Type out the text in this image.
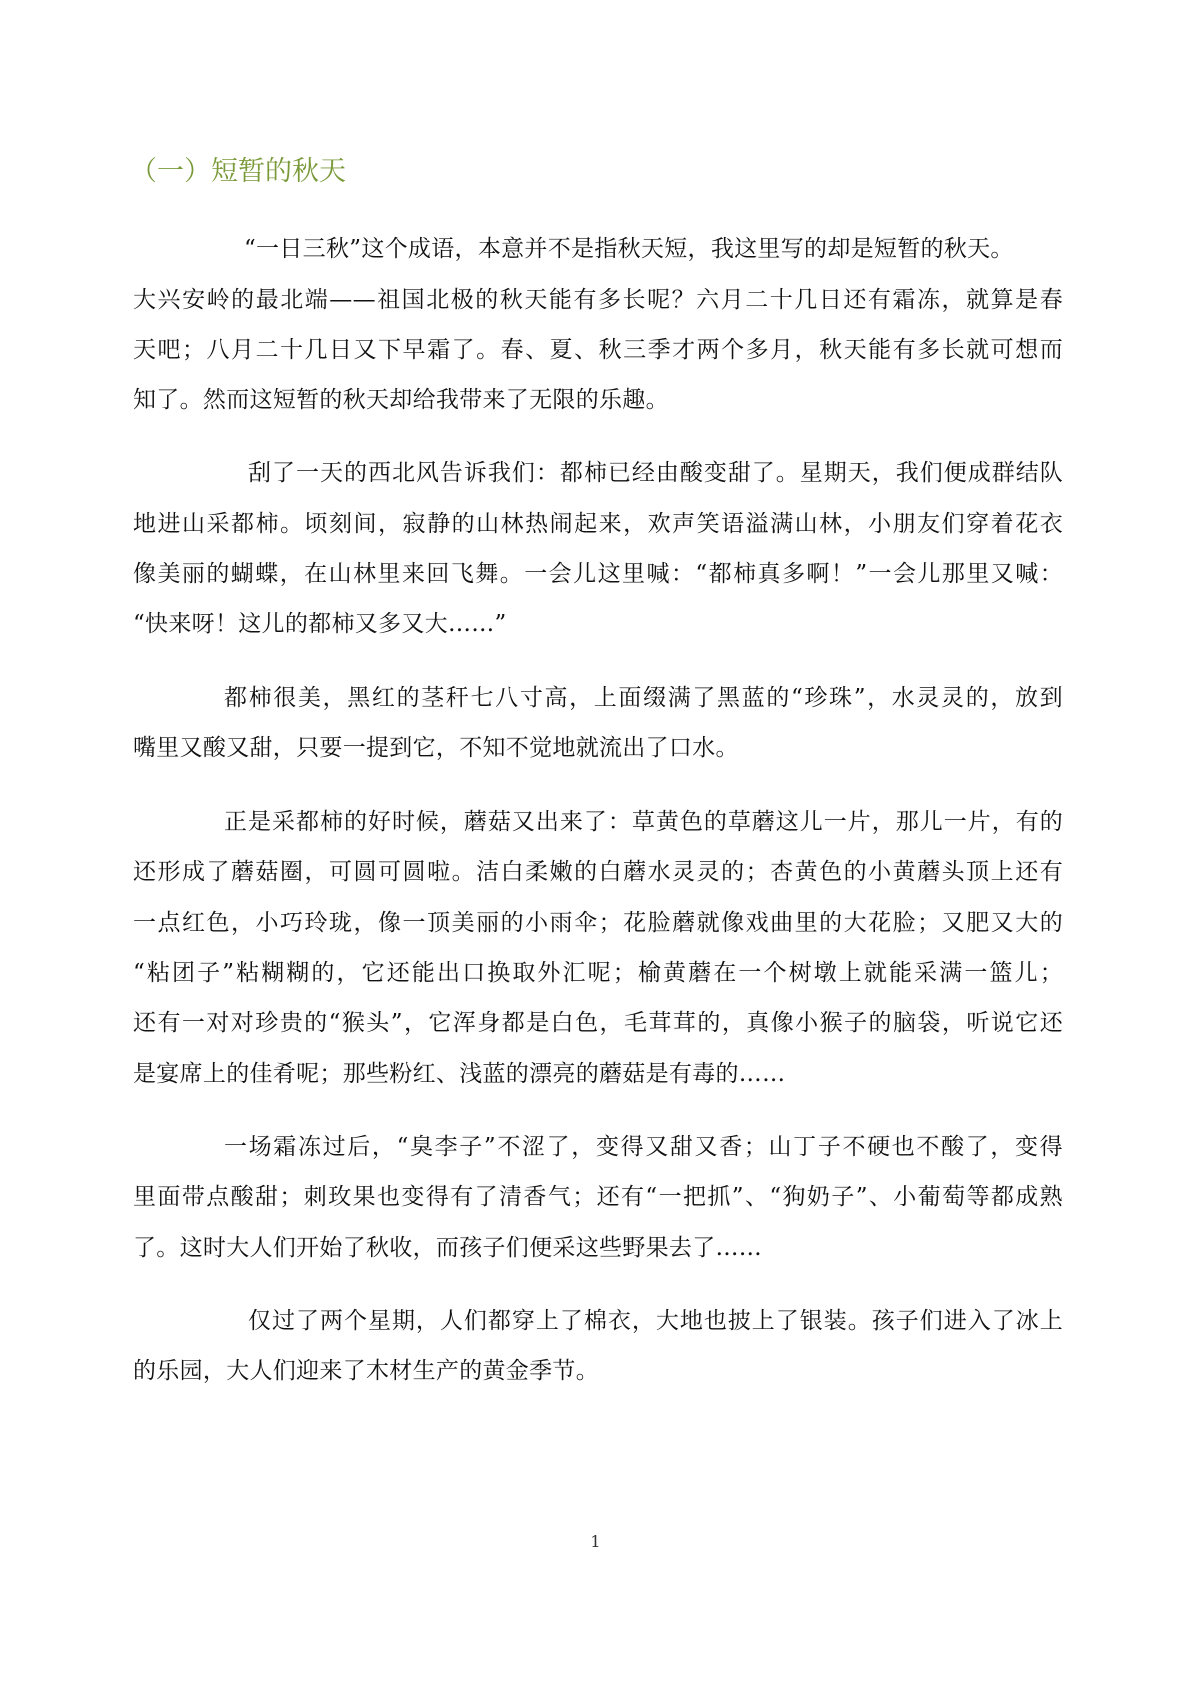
（一）短暂的秋天
“一日三秋”这个成语，本意并不是指秋天短，我这里写的却是短暂的秋天。
大兴安岭的最北端——祖国北极的秋天能有多长呢？六月二十几日还有霜冻，就算是春
天吧；八月二十几日又下早霜了。春、夏、秋三季才两个多月，秋天能有多长就可想而
知了。然而这短暂的秋天却给我带来了无限的乐趣。
刮了一天的西北风告诉我们：都柿已经由酸变甜了。星期天，我们便成群结队
地进山采都柿。顷刻间，寂静的山林热闹起来，欢声笑语溢满山林，小朋友们穿着花衣
像美丽的蝴蝶，在山林里来回飞舞。一会儿这里喊：“都柿真多啊！”一会儿那里又喊：
“快来呀！这儿的都柿又多又大……”
都柿很美，黑红的茎秆七八寸高，上面缀满了黑蓝的“珍珠”，水灵灵的，放到
嘴里又酸又甜，只要一提到它，不知不觉地就流出了口水。
正是采都柿的好时候，蘑菇又出来了：草黄色的草蘑这儿一片，那儿一片，有的
还形成了蘑菇圈，可圆可圆啦。洁白柔嫩的白蘑水灵灵的；杏黄色的小黄蘑头顶上还有
一点红色，小巧玲珑，像一顶美丽的小雨伞；花脸蘑就像戏曲里的大花脸；又肥又大的
“粘团子”粘糊糊的，它还能出口换取外汇呢；榆黄蘑在一个树墩上就能采满一篮儿；
还有一对对珍贵的“猴头”，它浑身都是白色，毛茸茸的，真像小猴子的脑袋，听说它还
是宴席上的佳肴呢；那些粉红、浅蓝的漂亮的蘑菇是有毒的……
一场霜冻过后，“臭李子”不涩了，变得又甜又香；山丁子不硬也不酸了，变得
里面带点酸甜；刺玫果也变得有了清香气；还有“一把抓”、“狗奶子”、小葡萄等都成熟
了。这时大人们开始了秋收，而孩子们便采这些野果去了……
仅过了两个星期，人们都穿上了棉衣，大地也披上了银装。孩子们进入了冰上
的乐园，大人们迎来了木材生产的黄金季节。
1
